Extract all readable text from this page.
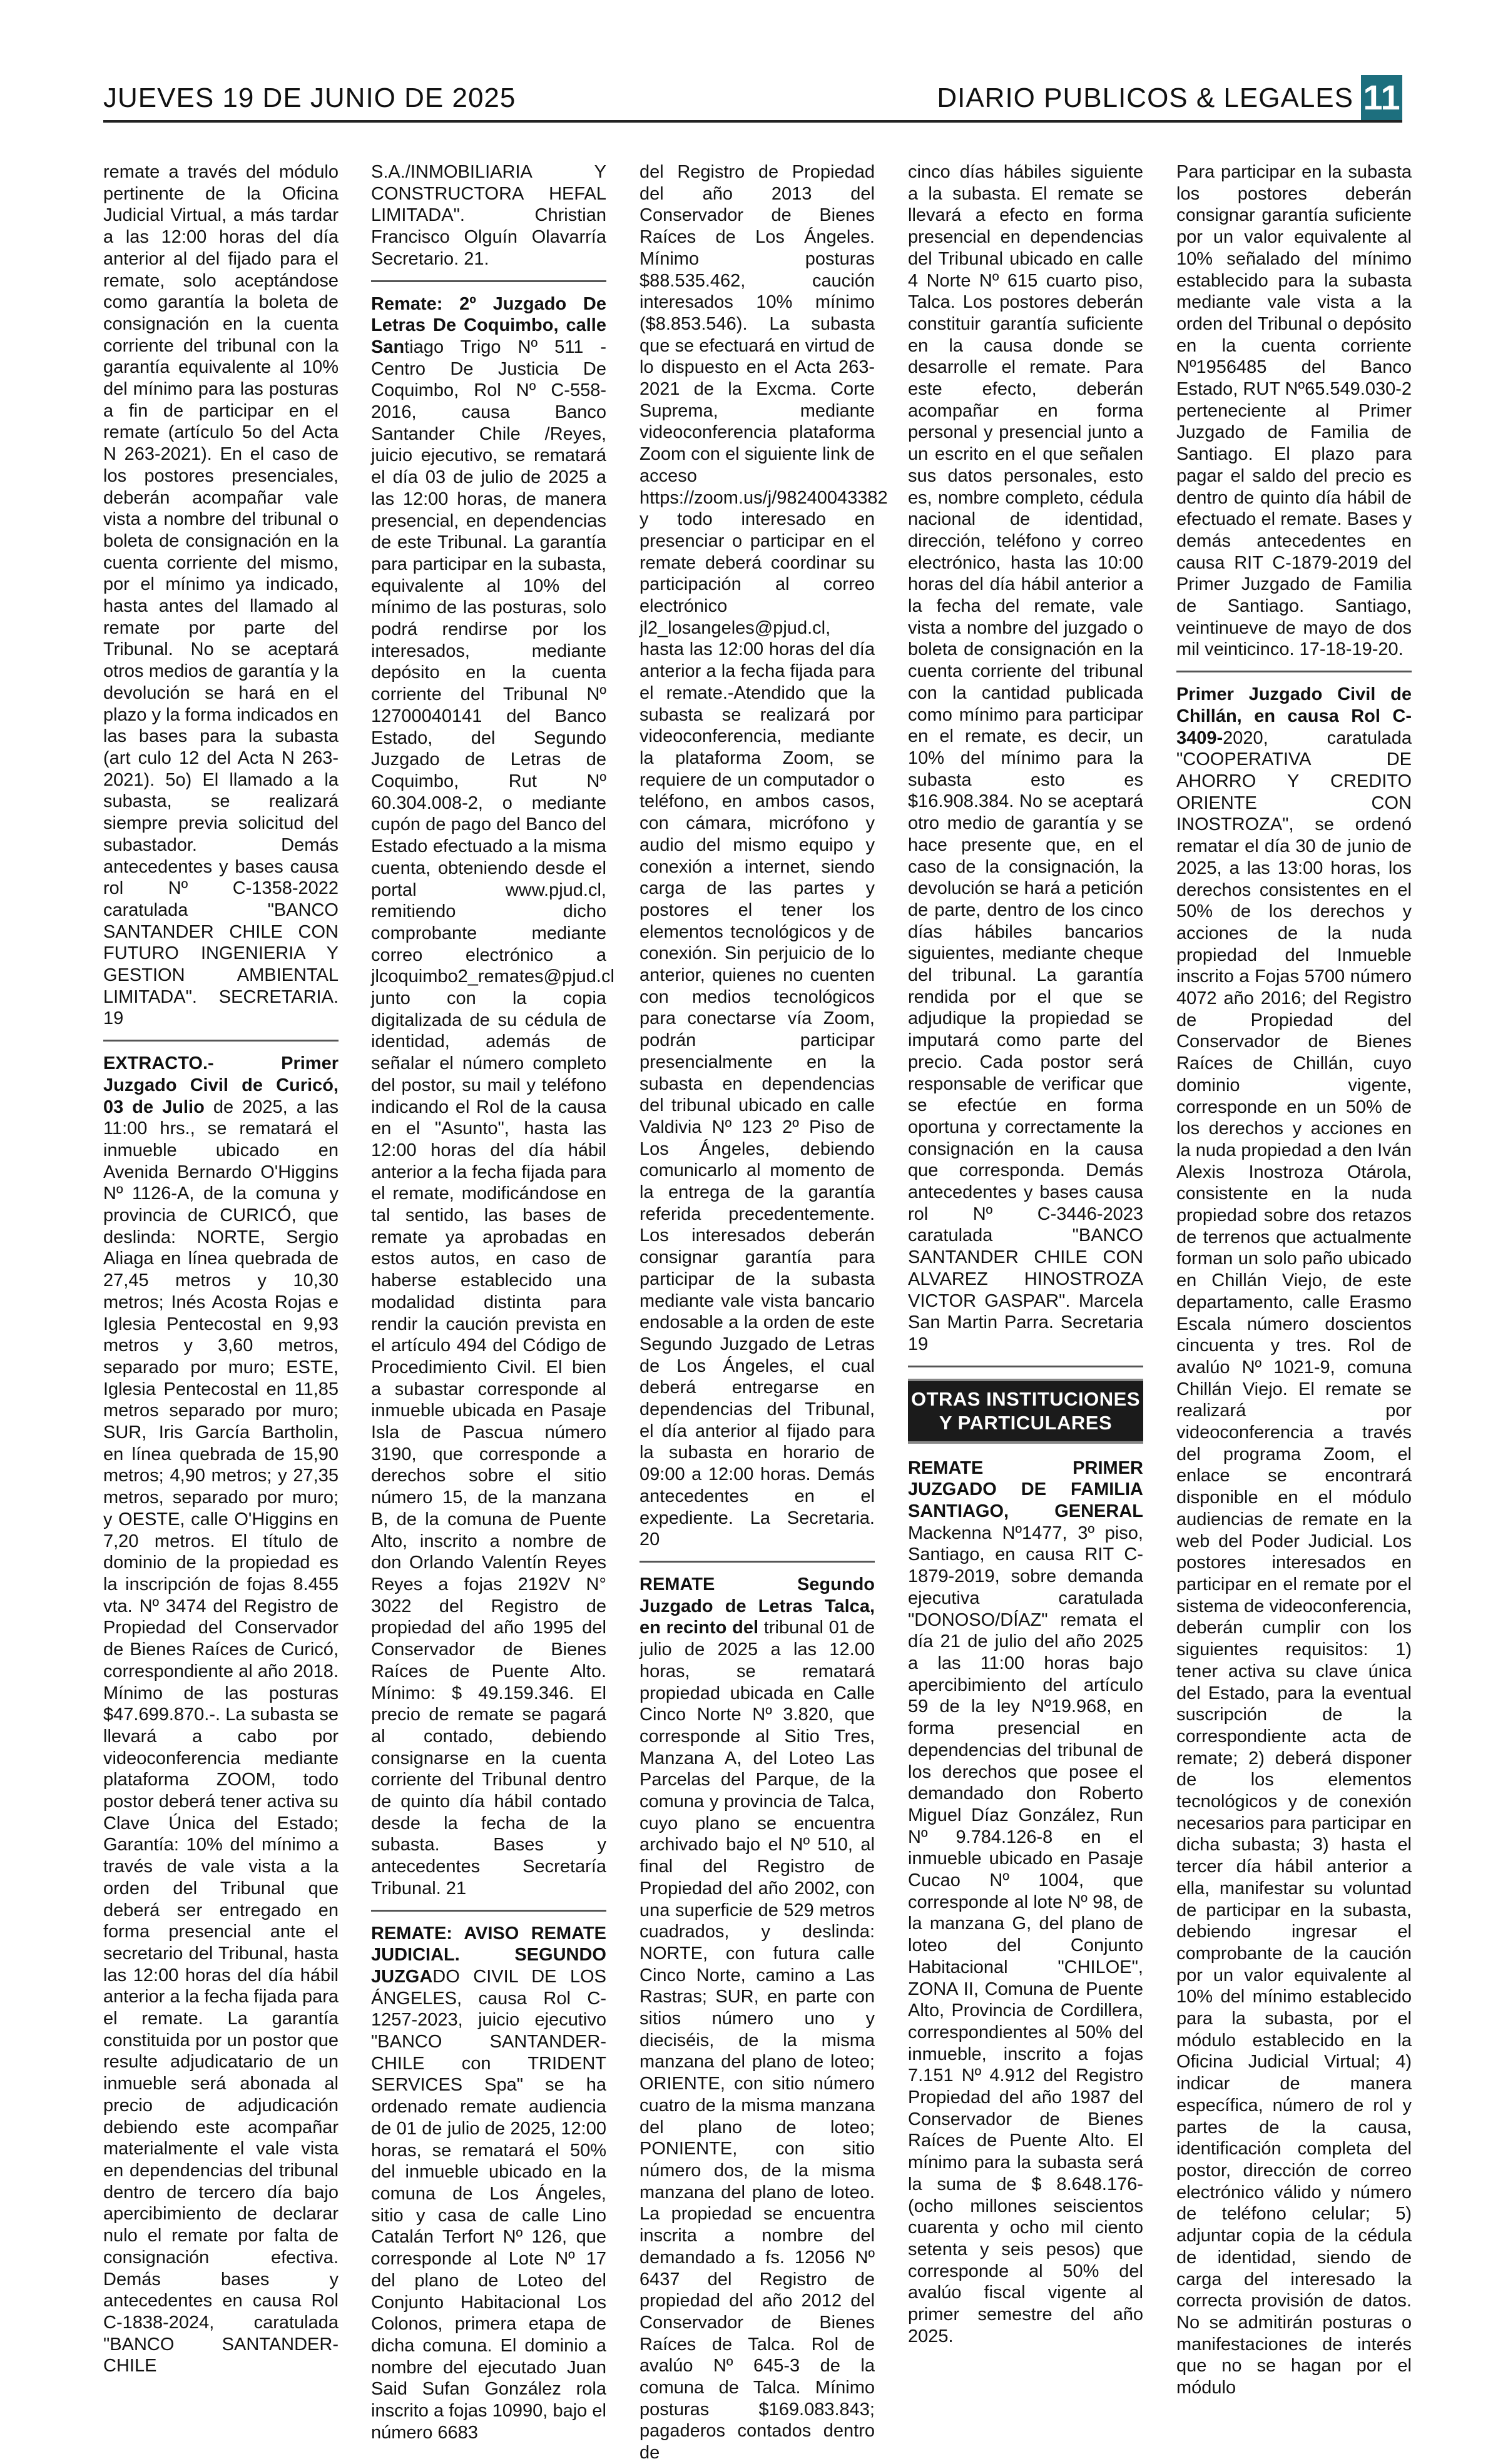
JUEVES 19 DE JUNIO DE 2025	DIARIO PUBLICOS & LEGALES 11

remate a través del módulo pertinente de la Oficina Judicial Virtual, a más tardar a las 12:00 horas del día anterior al del fijado para el remate, solo aceptándose como garantía la boleta de consignación en la cuenta corriente del tribunal con la garantía equivalente al 10% del mínimo para las posturas a fin de participar en el remate (artículo 5o del Acta N 263-2021). En el caso de los postores presenciales, deberán acompañar vale vista a nombre del tribunal o boleta de consignación en la cuenta corriente del mismo, por el mínimo ya indicado, hasta antes del llamado al remate por parte del Tribunal. No se aceptará otros medios de garantía y la devolución se hará en el plazo y la forma indicados en las bases para la subasta (art culo 12 del Acta N 263-2021). 5o) El llamado a la subasta, se realizará siempre previa solicitud del subastador. Demás antecedentes y bases causa rol Nº C-1358-2022 caratulada "BANCO SANTANDER CHILE CON FUTURO INGENIERIA Y GESTION AMBIENTAL LIMITADA". SECRETARIA. 19

EXTRACTO.- Primer Juzgado Civil de Curicó, 03 de Julio de 2025, a las 11:00 hrs., se rematará el inmueble ubicado en Avenida Bernardo O'Higgins Nº 1126-A, de la comuna y provincia de CURICÓ, que deslinda: NORTE, Sergio Aliaga en línea quebrada de 27,45 metros y 10,30 metros; Inés Acosta Rojas e Iglesia Pentecostal en 9,93 metros y 3,60 metros, separado por muro; ESTE, Iglesia Pentecostal en 11,85 metros separado por muro; SUR, Iris García Bartholin, en línea quebrada de 15,90 metros; 4,90 metros; y 27,35 metros, separado por muro; y OESTE, calle O'Higgins en 7,20 metros. El título de dominio de la propiedad es la inscripción de fojas 8.455 vta. Nº 3474 del Registro de Propiedad del Conservador de Bienes Raíces de Curicó, correspondiente al año 2018. Mínimo de las posturas $47.699.870.-. La subasta se llevará a cabo por videoconferencia mediante plataforma ZOOM, todo postor deberá tener activa su Clave Única del Estado; Garantía: 10% del mínimo a través de vale vista a la orden del Tribunal que deberá ser entregado en forma presencial ante el secretario del Tribunal, hasta las 12:00 horas del día hábil anterior a la fecha fijada para el remate. La garantía constituida por un postor que resulte adjudicatario de un inmueble será abonada al precio de adjudicación debiendo este acompañar materialmente el vale vista en dependencias del tribunal dentro de tercero día bajo apercibimiento de declarar nulo el remate por falta de consignación efectiva. Demás bases y antecedentes en causa Rol C-1838-2024, caratulada "BANCO SANTANDER-CHILE

S.A./INMOBILIARIA Y CONSTRUCTORA HEFAL LIMITADA". Christian Francisco Olguín Olavarría Secretario. 21.

Remate: 2º Juzgado De Letras De Coquimbo, calle Santiago Trigo Nº 511 - Centro De Justicia De Coquimbo, Rol Nº C-558-2016, causa Banco Santander Chile /Reyes, juicio ejecutivo, se rematará el día 03 de julio de 2025 a las 12:00 horas, de manera presencial, en dependencias de este Tribunal. La garantía para participar en la subasta, equivalente al 10% del mínimo de las posturas, solo podrá rendirse por los interesados, mediante depósito en la cuenta corriente del Tribunal Nº 12700040141 del Banco Estado, del Segundo Juzgado de Letras de Coquimbo, Rut Nº 60.304.008-2, o mediante cupón de pago del Banco del Estado efectuado a la misma cuenta, obteniendo desde el portal www.pjud.cl, remitiendo dicho comprobante mediante correo electrónico a jlcoquimbo2_remates@pjud.cl junto con la copia digitalizada de su cédula de identidad, además de señalar el número completo del postor, su mail y teléfono indicando el Rol de la causa en el "Asunto", hasta las 12:00 horas del día hábil anterior a la fecha fijada para el remate, modificándose en tal sentido, las bases de remate ya aprobadas en estos autos, en caso de haberse establecido una modalidad distinta para rendir la caución prevista en el artículo 494 del Código de Procedimiento Civil. El bien a subastar corresponde al inmueble ubicada en Pasaje Isla de Pascua número 3190, que corresponde a derechos sobre el sitio número 15, de la manzana B, de la comuna de Puente Alto, inscrito a nombre de don Orlando Valentín Reyes Reyes a fojas 2192V N° 3022 del Registro de propiedad del año 1995 del Conservador de Bienes Raíces de Puente Alto. Mínimo: $ 49.159.346. El precio de remate se pagará al contado, debiendo consignarse en la cuenta corriente del Tribunal dentro de quinto día hábil contado desde la fecha de la subasta. Bases y antecedentes Secretaría Tribunal. 21

REMATE: AVISO REMATE JUDICIAL. SEGUNDO JUZGADO CIVIL DE LOS ÁNGELES, causa Rol C-1257-2023, juicio ejecutivo "BANCO SANTANDER-CHILE con TRIDENT SERVICES Spa" se ha ordenado remate audiencia de 01 de julio de 2025, 12:00 horas, se rematará el 50% del inmueble ubicado en la comuna de Los Ángeles, sitio y casa de calle Lino Catalán Terfort Nº 126, que corresponde al Lote Nº 17 del plano de Loteo del Conjunto Habitacional Los Colonos, primera etapa de dicha comuna. El dominio a nombre del ejecutado Juan Said Sufan González rola inscrito a fojas 10990, bajo el número 6683

del Registro de Propiedad del año 2013 del Conservador de Bienes Raíces de Los Ángeles. Mínimo posturas $88.535.462, caución interesados 10% mínimo ($8.853.546). La subasta que se efectuará en virtud de lo dispuesto en el Acta 263-2021 de la Excma. Corte Suprema, mediante videoconferencia plataforma Zoom con el siguiente link de acceso https://zoom.us/j/98240043382 y todo interesado en presenciar o participar en el remate deberá coordinar su participación al correo electrónico jl2_losangeles@pjud.cl, hasta las 12:00 horas del día anterior a la fecha fijada para el remate.-Atendido que la subasta se realizará por videoconferencia, mediante la plataforma Zoom, se requiere de un computador o teléfono, en ambos casos, con cámara, micrófono y audio del mismo equipo y conexión a internet, siendo carga de las partes y postores el tener los elementos tecnológicos y de conexión. Sin perjuicio de lo anterior, quienes no cuenten con medios tecnológicos para conectarse vía Zoom, podrán participar presencialmente en la subasta en dependencias del tribunal ubicado en calle Valdivia Nº 123 2º Piso de Los Ángeles, debiendo comunicarlo al momento de la entrega de la garantía referida precedentemente. Los interesados deberán consignar garantía para participar de la subasta mediante vale vista bancario endosable a la orden de este Segundo Juzgado de Letras de Los Ángeles, el cual deberá entregarse en dependencias del Tribunal, el día anterior al fijado para la subasta en horario de 09:00 a 12:00 horas. Demás antecedentes en el expediente. La Secretaria. 20

REMATE Segundo Juzgado de Letras Talca, en recinto del tribunal 01 de julio de 2025 a las 12.00 horas, se rematará propiedad ubicada en Calle Cinco Norte Nº 3.820, que corresponde al Sitio Tres, Manzana A, del Loteo Las Parcelas del Parque, de la comuna y provincia de Talca, cuyo plano se encuentra archivado bajo el Nº 510, al final del Registro de Propiedad del año 2002, con una superficie de 529 metros cuadrados, y deslinda: NORTE, con futura calle Cinco Norte, camino a Las Rastras; SUR, en parte con sitios número uno y dieciséis, de la misma manzana del plano de loteo; ORIENTE, con sitio número cuatro de la misma manzana del plano de loteo; PONIENTE, con sitio número dos, de la misma manzana del plano de loteo. La propiedad se encuentra inscrita a nombre del demandado a fs. 12056 Nº 6437 del Registro de propiedad del año 2012 del Conservador de Bienes Raíces de Talca. Rol de avalúo Nº 645-3 de la comuna de Talca. Mínimo posturas $169.083.843; pagaderos contados dentro de

cinco días hábiles siguiente a la subasta. El remate se llevará a efecto en forma presencial en dependencias del Tribunal ubicado en calle 4 Norte Nº 615 cuarto piso, Talca. Los postores deberán constituir garantía suficiente en la causa donde se desarrolle el remate. Para este efecto, deberán acompañar en forma personal y presencial junto a un escrito en el que señalen sus datos personales, esto es, nombre completo, cédula nacional de identidad, dirección, teléfono y correo electrónico, hasta las 10:00 horas del día hábil anterior a la fecha del remate, vale vista a nombre del juzgado o boleta de consignación en la cuenta corriente del tribunal con la cantidad publicada como mínimo para participar en el remate, es decir, un 10% del mínimo para la subasta esto es $16.908.384. No se aceptará otro medio de garantía y se hace presente que, en el caso de la consignación, la devolución se hará a petición de parte, dentro de los cinco días hábiles bancarios siguientes, mediante cheque del tribunal. La garantía rendida por el que se adjudique la propiedad se imputará como parte del precio. Cada postor será responsable de verificar que se efectúe en forma oportuna y correctamente la consignación en la causa que corresponda. Demás antecedentes y bases causa rol Nº C-3446-2023 caratulada "BANCO SANTANDER CHILE CON ALVAREZ HINOSTROZA VICTOR GASPAR". Marcela San Martin Parra. Secretaria 19

OTRAS INSTITUCIONES Y PARTICULARES

REMATE PRIMER JUZGADO DE FAMILIA SANTIAGO, GENERAL Mackenna Nº1477, 3º piso, Santiago, en causa RIT C-1879-2019, sobre demanda ejecutiva caratulada "DONOSO/DÍAZ" remata el día 21 de julio del año 2025 a las 11:00 horas bajo apercibimiento del artículo 59 de la ley Nº19.968, en forma presencial en dependencias del tribunal de los derechos que posee el demandado don Roberto Miguel Díaz González, Run Nº 9.784.126-8 en el inmueble ubicado en Pasaje Cucao Nº 1004, que corresponde al lote Nº 98, de la manzana G, del plano de loteo del Conjunto Habitacional "CHILOE", ZONA II, Comuna de Puente Alto, Provincia de Cordillera, correspondientes al 50% del inmueble, inscrito a fojas 7.151 Nº 4.912 del Registro Propiedad del año 1987 del Conservador de Bienes Raíces de Puente Alto. El mínimo para la subasta será la suma de $ 8.648.176- (ocho millones seiscientos cuarenta y ocho mil ciento setenta y seis pesos) que corresponde al 50% del avalúo fiscal vigente al primer semestre del año 2025.

Para participar en la subasta los postores deberán consignar garantía suficiente por un valor equivalente al 10% señalado del mínimo establecido para la subasta mediante vale vista a la orden del Tribunal o depósito en la cuenta corriente Nº1956485 del Banco Estado, RUT Nº65.549.030-2 perteneciente al Primer Juzgado de Familia de Santiago. El plazo para pagar el saldo del precio es dentro de quinto día hábil de efectuado el remate. Bases y demás antecedentes en causa RIT C-1879-2019 del Primer Juzgado de Familia de Santiago. Santiago, veintinueve de mayo de dos mil veinticinco. 17-18-19-20.

Primer Juzgado Civil de Chillán, en causa Rol C-3409-2020, caratulada "COOPERATIVA DE AHORRO Y CREDITO ORIENTE CON INOSTROZA", se ordenó rematar el día 30 de junio de 2025, a las 13:00 horas, los derechos consistentes en el 50% de los derechos y acciones de la nuda propiedad del Inmueble inscrito a Fojas 5700 número 4072 año 2016; del Registro de Propiedad del Conservador de Bienes Raíces de Chillán, cuyo dominio vigente, corresponde en un 50% de los derechos y acciones en la nuda propiedad a den Iván Alexis Inostroza Otárola, consistente en la nuda propiedad sobre dos retazos de terrenos que actualmente forman un solo paño ubicado en Chillán Viejo, de este departamento, calle Erasmo Escala número doscientos cincuenta y tres. Rol de avalúo Nº 1021-9, comuna Chillán Viejo. El remate se realizará por videoconferencia a través del programa Zoom, el enlace se encontrará disponible en el módulo audiencias de remate en la web del Poder Judicial. Los postores interesados en participar en el remate por el sistema de videoconferencia, deberán cumplir con los siguientes requisitos: 1) tener activa su clave única del Estado, para la eventual suscripción de la correspondiente acta de remate; 2) deberá disponer de los elementos tecnológicos y de conexión necesarios para participar en dicha subasta; 3) hasta el tercer día hábil anterior a ella, manifestar su voluntad de participar en la subasta, debiendo ingresar el comprobante de la caución por un valor equivalente al 10% del mínimo establecido para la subasta, por el módulo establecido en la Oficina Judicial Virtual; 4) indicar de manera específica, número de rol y partes de la causa, identificación completa del postor, dirección de correo electrónico válido y número de teléfono celular; 5) adjuntar copia de la cédula de identidad, siendo de carga del interesado la correcta provisión de datos. No se admitirán posturas o manifestaciones de interés que no se hagan por el módulo
